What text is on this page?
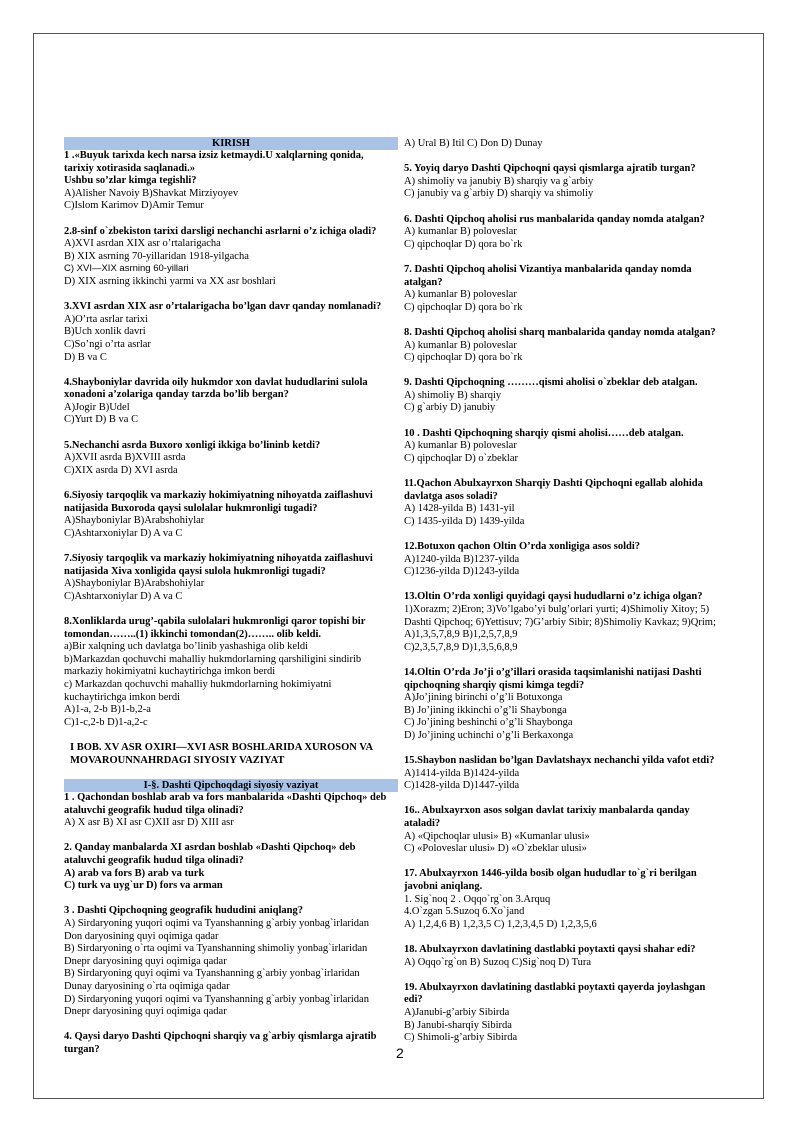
KIRISH
1 .«Buyuk tarixda kech narsa izsiz ketmaydi.U xalqlarning qonida,
tarixiy xotirasida saqlanadi.»
Ushbu so’zlar kimga tegishli?
A)Alisher Navoiy B)Shavkat Mirziyoyev
C)Islom Karimov D)Amir Temur
2.8-sinf o`zbekiston tarixi darsligi nechanchi asrlarni o’z ichiga oladi?
A)XVI asrdan XIX asr o’rtalarigacha
B) XIX asrning 70-yillaridan 1918-yilgacha
C) XVI—XIX asrning 60-yillari
D) XIX asrning ikkinchi yarmi va XX asr boshlari
3.XVI asrdan XIX asr o’rtalarigacha bo’lgan davr qanday nomlanadi?
A)O’rta asrlar tarixi
B)Uch xonlik davri
C)So’ngi o’rta asrlar
D) B va C
4.Shayboniylar davrida oily hukmdor xon davlat hududlarini sulola
xonadoni a’zolariga qanday tarzda bo’lib bergan?
A)Jogir B)Udel
C)Yurt D) B va C
5.Nechanchi asrda Buxoro xonligi ikkiga bo’lininb ketdi?
A)XVII asrda B)XVIII asrda
C)XIX asrda D) XVI asrda
6.Siyosiy tarqoqlik va markaziy hokimiyatning nihoyatda zaiflashuvi
natijasida Buxoroda qaysi sulolalar hukmronligi tugadi?
A)Shayboniylar B)Arabshohiylar
C)Ashtarxoniylar D) A va C
7.Siyosiy tarqoqlik va markaziy hokimiyatning nihoyatda zaiflashuvi
natijasida Xiva xonligida qaysi sulola hukmronligi tugadi?
A)Shayboniylar B)Arabshohiylar
C)Ashtarxoniylar D) A va C
8.Xonliklarda urug’-qabila sulolalari hukmronligi qaror topishi bir
tomondan……..(1) ikkinchi tomondan(2)…….. olib keldi.
a)Bir xalqning uch davlatga bo’linib yashashiga olib keldi
b)Markazdan qochuvchi mahalliy hukmdorlarning qarshiligini sindirib
markaziy hokimiyatni kuchaytirichga imkon berdi
c) Markazdan qochuvchi mahalliy hukmdorlarning hokimiyatni
kuchaytirichga imkon berdi
A)1-a, 2-b B)1-b,2-a
C)1-c,2-b D)1-a,2-c
I BOB. XV ASR OXIRI—XVI ASR BOSHLARIDA XUROSON VA
MOVAROUNNAHRDAGI SIYOSIY VAZIYAT
I-§. Dashti Qipchoqdagi siyosiy vaziyat
1 . Qachondan boshlab arab va fors manbalarida «Dashti Qipchoq» deb
ataluvchi geografik hudud tilga olinadi?
A) X asr B) XI asr C)XII asr D) XIII asr
2. Qanday manbalarda XI asrdan boshlab «Dashti Qipchoq» deb
ataluvchi geografik hudud tilga olinadi?
A) arab va fors B) arab va turk
C) turk va uyg`ur D) fors va arman
3 . Dashti Qipchoqning geografik hududini aniqlang?
A) Sirdaryoning yuqori oqimi va Tyanshanning g`arbiy yonbag`irlaridan
Don daryosining quyi oqimiga qadar
B) Sirdaryoning o`rta oqimi va Tyanshanning shimoliy yonbag`irlaridan
Dnepr daryosining quyi oqimiga qadar
B) Sirdaryoning quyi oqimi va Tyanshanning g`arbiy yonbag`irlaridan
Dunay daryosining o`rta oqimiga qadar
D) Sirdaryoning yuqori oqimi va Tyanshanning g`arbiy yonbag`irlaridan
Dnepr daryosining quyi oqimiga qadar
4. Qaysi daryo Dashti Qipchoqni sharqiy va g`arbiy qismlarga ajratib
turgan?
A) Ural B) Itil C) Don D) Dunay
5. Yoyiq daryo Dashti Qipchoqni qaysi qismlarga ajratib turgan?
A) shimoliy va janubiy B) sharqiy va g`arbiy
C) janubiy va g`arbiy D) sharqiy va shimoliy
6. Dashti Qipchoq aholisi rus manbalarida qanday nomda atalgan?
A) kumanlar B) poloveslar
C) qipchoqlar D) qora bo`rk
7. Dashti Qipchoq aholisi Vizantiya manbalarida qanday nomda
atalgan?
A) kumanlar B) poloveslar
C) qipchoqlar D) qora bo`rk
8. Dashti Qipchoq aholisi sharq manbalarida qanday nomda atalgan?
A) kumanlar B) poloveslar
C) qipchoqlar D) qora bo`rk
9. Dashti Qipchoqning ………qismi aholisi o`zbeklar deb atalgan.
A) shimoliy B) sharqiy
C) g`arbiy D) janubiy
10 . Dashti Qipchoqning sharqiy qismi aholisi……deb atalgan.
A) kumanlar B) poloveslar
C) qipchoqlar D) o`zbeklar
11.Qachon Abulxayrxon Sharqiy Dashti Qipchoqni egallab alohida
davlatga asos soladi?
A) 1428-yilda B) 1431-yil
C) 1435-yilda D) 1439-yilda
12.Botuxon qachon Oltin O’rda xonligiga asos soldi?
A)1240-yilda B)1237-yilda
C)1236-yilda D)1243-yilda
13.Oltin O’rda xonligi quyidagi qaysi hududlarni o’z ichiga olgan?
1)Xorazm; 2)Eron; 3)Vo’lgabo’yi bulg’orlari yurti; 4)Shimoliy Xitoy; 5)
Dashti Qipchoq; 6)Yettisuv; 7)G’arbiy Sibir; 8)Shimoliy Kavkaz; 9)Qrim;
A)1,3,5,7,8,9 B)1,2,5,7,8,9
C)2,3,5,7,8,9 D)1,3,5,6,8,9
14.Oltin O’rda Jo’ji o’g’illari orasida taqsimlanishi natijasi Dashti
qipchoqning sharqiy qismi kimga tegdi?
A)Jo’jining birinchi o’g’li Botuxonga
B) Jo’jining ikkinchi o’g’li Shaybonga
C) Jo’jining beshinchi o’g’li Shaybonga
D) Jo’jining uchinchi o’g’li Berkaxonga
15.Shaybon naslidan bo’lgan Davlatshayx nechanchi yilda vafot etdi?
A)1414-yilda B)1424-yilda
C)1428-yilda D)1447-yilda
16.. Abulxayrxon asos solgan davlat tarixiy manbalarda qanday
ataladi?
A) «Qipchoqlar ulusi» B) «Kumanlar ulusi»
C) «Poloveslar ulusi» D) «O`zbeklar ulusi»
17. Abulxayrxon 1446-yilda bosib olgan hududlar to`g`ri berilgan
javobni aniqlang.
1. Sig`noq 2 . Oqqo`rg`on 3.Arquq
4.O`zgan 5.Suzoq 6.Xo`jand
A) 1,2,4,6 B) 1,2,3,5 C) 1,2,3,4,5 D) 1,2,3,5,6
18. Abulxayrxon davlatining dastlabki poytaxti qaysi shahar edi?
A) Oqqo`rg`on B) Suzoq C)Sig`noq D) Tura
19. Abulxayrxon davlatining dastlabki poytaxti qayerda joylashgan
edi?
A)Janubi-g’arbiy Sibirda
B) Janubi-sharqiy Sibirda
C) Shimoli-g’arbiy Sibirda
2
